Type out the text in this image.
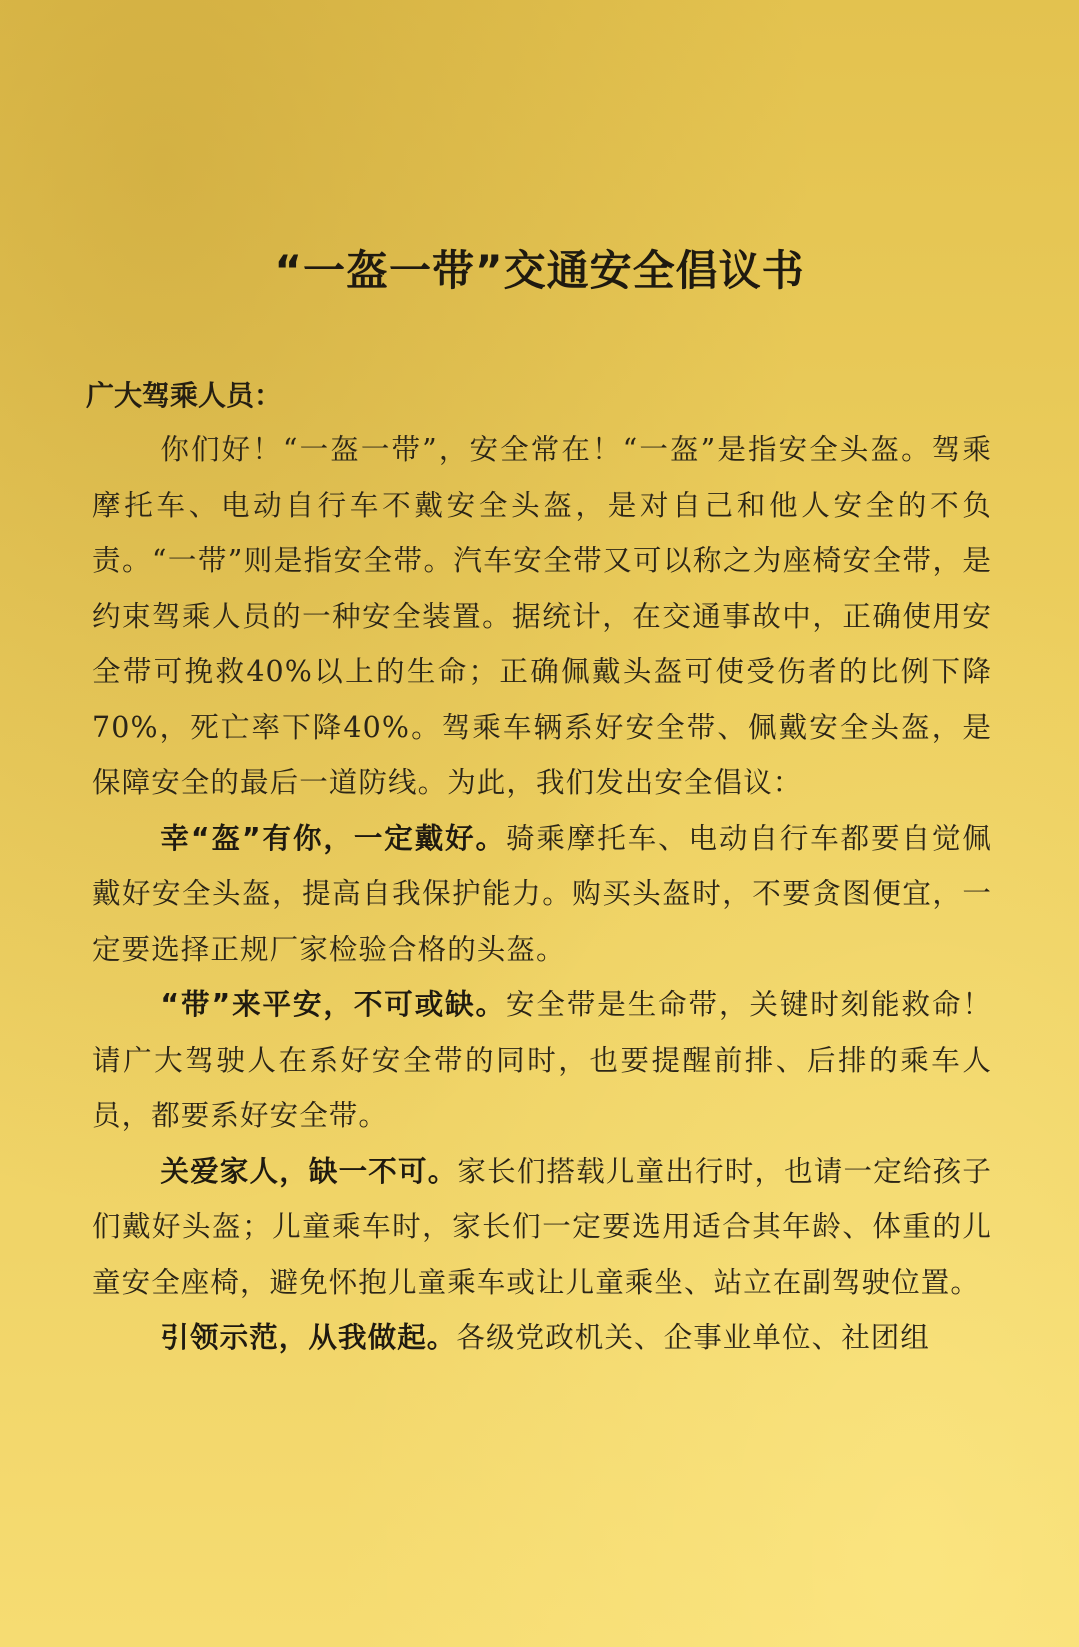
“一盔一带”交通安全倡议书
广大驾乘人员：

你们好！“一盔一带”，安全常在！“一盔”是指安全头盔。驾乘摩托车、电动自行车不戴安全头盔，是对自己和他人安全的不负责。“一带”则是指安全带。汽车安全带又可以称之为座椅安全带，是约束驾乘人员的一种安全装置。据统计，在交通事故中，正确使用安全带可挽救40%以上的生命；正确佩戴头盔可使受伤者的比例下降70%，死亡率下降40%。驾乘车辆系好安全带、佩戴安全头盔，是保障安全的最后一道防线。为此，我们发出安全倡议：

幸“盔”有你，一定戴好。骑乘摩托车、电动自行车都要自觉佩戴好安全头盔，提高自我保护能力。购买头盔时，不要贪图便宜，一定要选择正规厂家检验合格的头盔。

“带”来平安，不可或缺。安全带是生命带，关键时刻能救命！请广大驾驶人在系好安全带的同时，也要提醒前排、后排的乘车人员，都要系好安全带。

关爱家人，缺一不可。家长们搭载儿童出行时，也请一定给孩子们戴好头盔；儿童乘车时，家长们一定要选用适合其年龄、体重的儿童安全座椅，避免怀抱儿童乘车或让儿童乘坐、站立在副驾驶位置。

引领示范，从我做起。各级党政机关、企事业单位、社团组
